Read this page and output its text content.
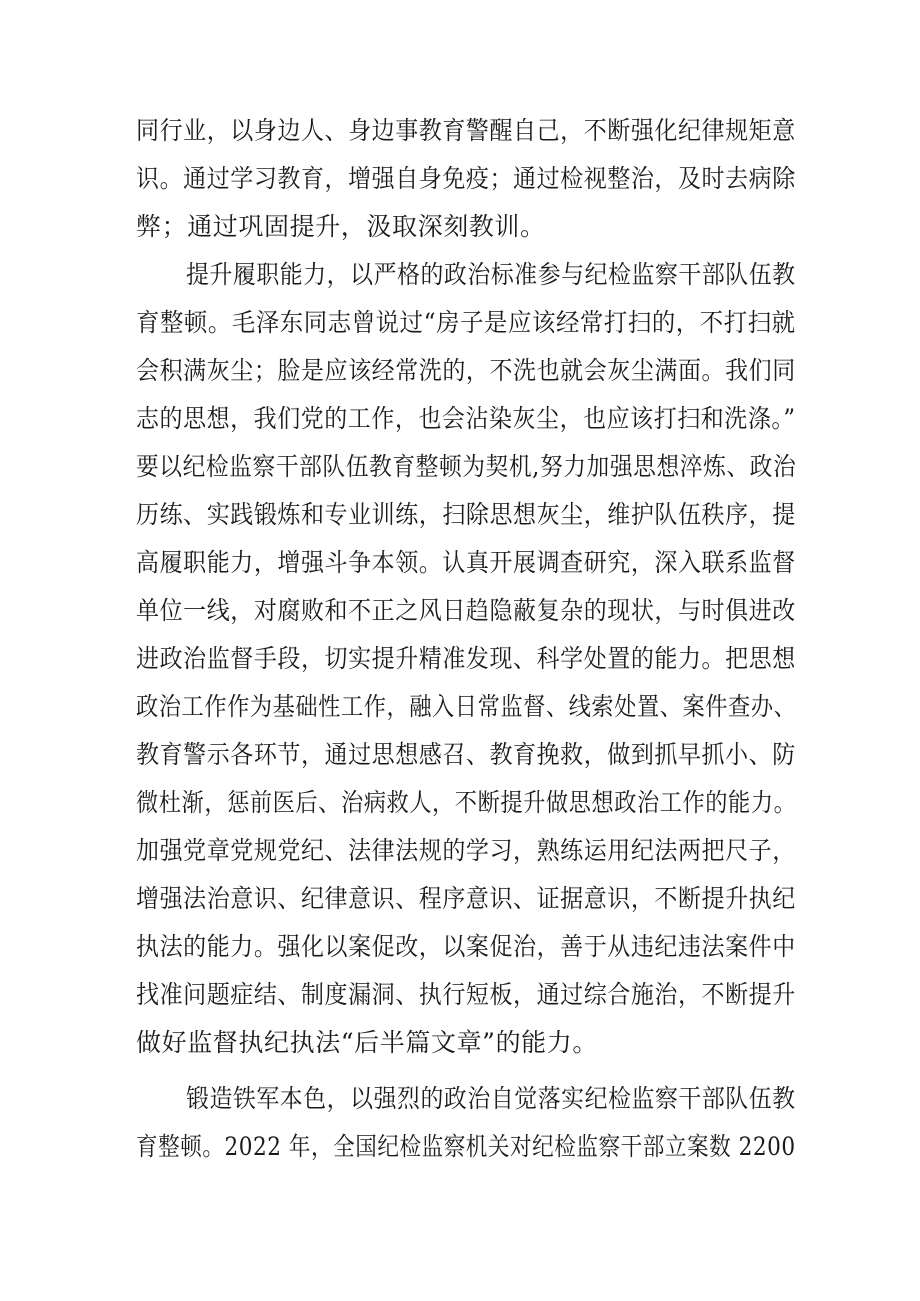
同行业，以身边人、身边事教育警醒自己，不断强化纪律规矩意
识。通过学习教育，增强自身免疫；通过检视整治，及时去病除
弊；通过巩固提升，汲取深刻教训。
提升履职能力，以严格的政治标准参与纪检监察干部队伍教
育整顿。毛泽东同志曾说过“房子是应该经常打扫的，不打扫就
会积满灰尘；脸是应该经常洗的，不洗也就会灰尘满面。我们同
志的思想，我们党的工作，也会沾染灰尘，也应该打扫和洗涤。”
要以纪检监察干部队伍教育整顿为契机,努力加强思想淬炼、政治
历练、实践锻炼和专业训练，扫除思想灰尘，维护队伍秩序，提
高履职能力，增强斗争本领。认真开展调查研究，深入联系监督
单位一线，对腐败和不正之风日趋隐蔽复杂的现状，与时俱进改
进政治监督手段，切实提升精准发现、科学处置的能力。把思想
政治工作作为基础性工作，融入日常监督、线索处置、案件查办、
教育警示各环节，通过思想感召、教育挽救，做到抓早抓小、防
微杜渐，惩前医后、治病救人，不断提升做思想政治工作的能力。
加强党章党规党纪、法律法规的学习，熟练运用纪法两把尺子，
增强法治意识、纪律意识、程序意识、证据意识，不断提升执纪
执法的能力。强化以案促改，以案促治，善于从违纪违法案件中
找准问题症结、制度漏洞、执行短板，通过综合施治，不断提升
做好监督执纪执法“后半篇文章”的能力。
锻造铁军本色，以强烈的政治自觉落实纪检监察干部队伍教
育整顿。2022 年，全国纪检监察机关对纪检监察干部立案数 2200
